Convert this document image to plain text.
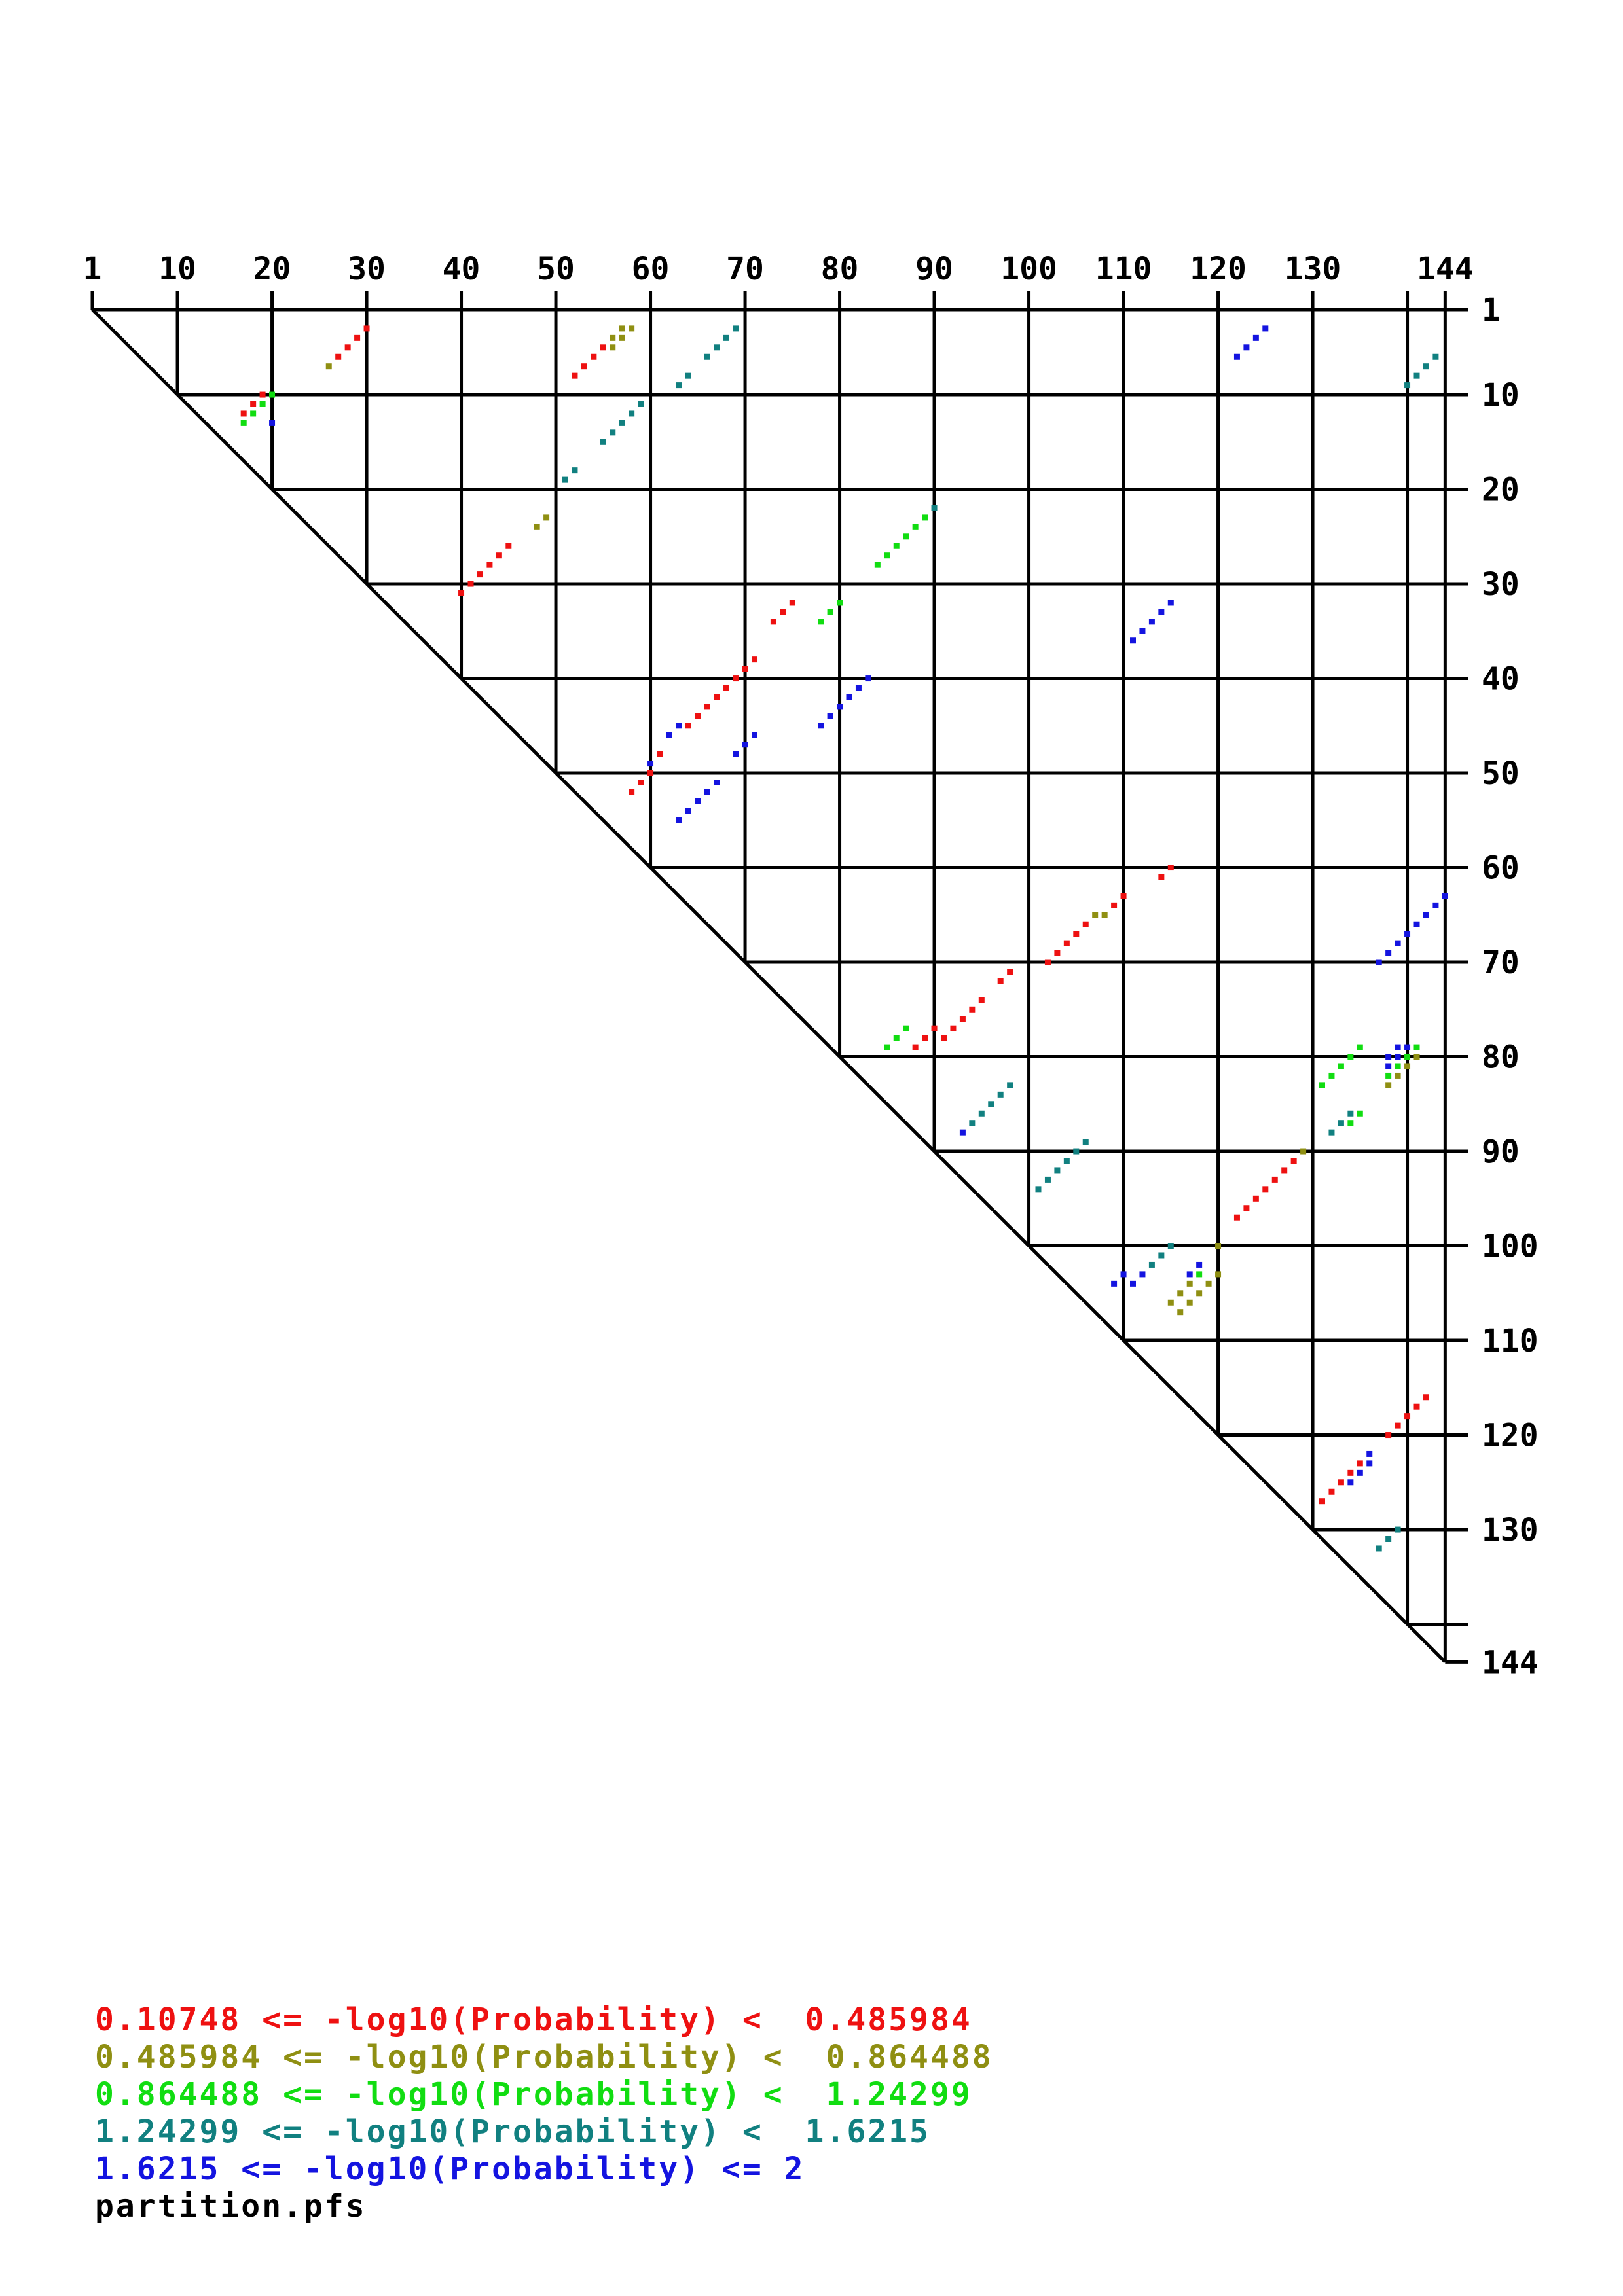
1
1
10
10
20
20
30
30
40
40
50
50
60
60
70
70
80
80
90
90
100
100
110
110
120
120
130
130
144
144
0.10748 <= -log10(Probability) <  0.485984
0.485984 <= -log10(Probability) <  0.864488
0.864488 <= -log10(Probability) <  1.24299
1.24299 <= -log10(Probability) <  1.6215
1.6215 <= -log10(Probability) <= 2
partition.pfs
